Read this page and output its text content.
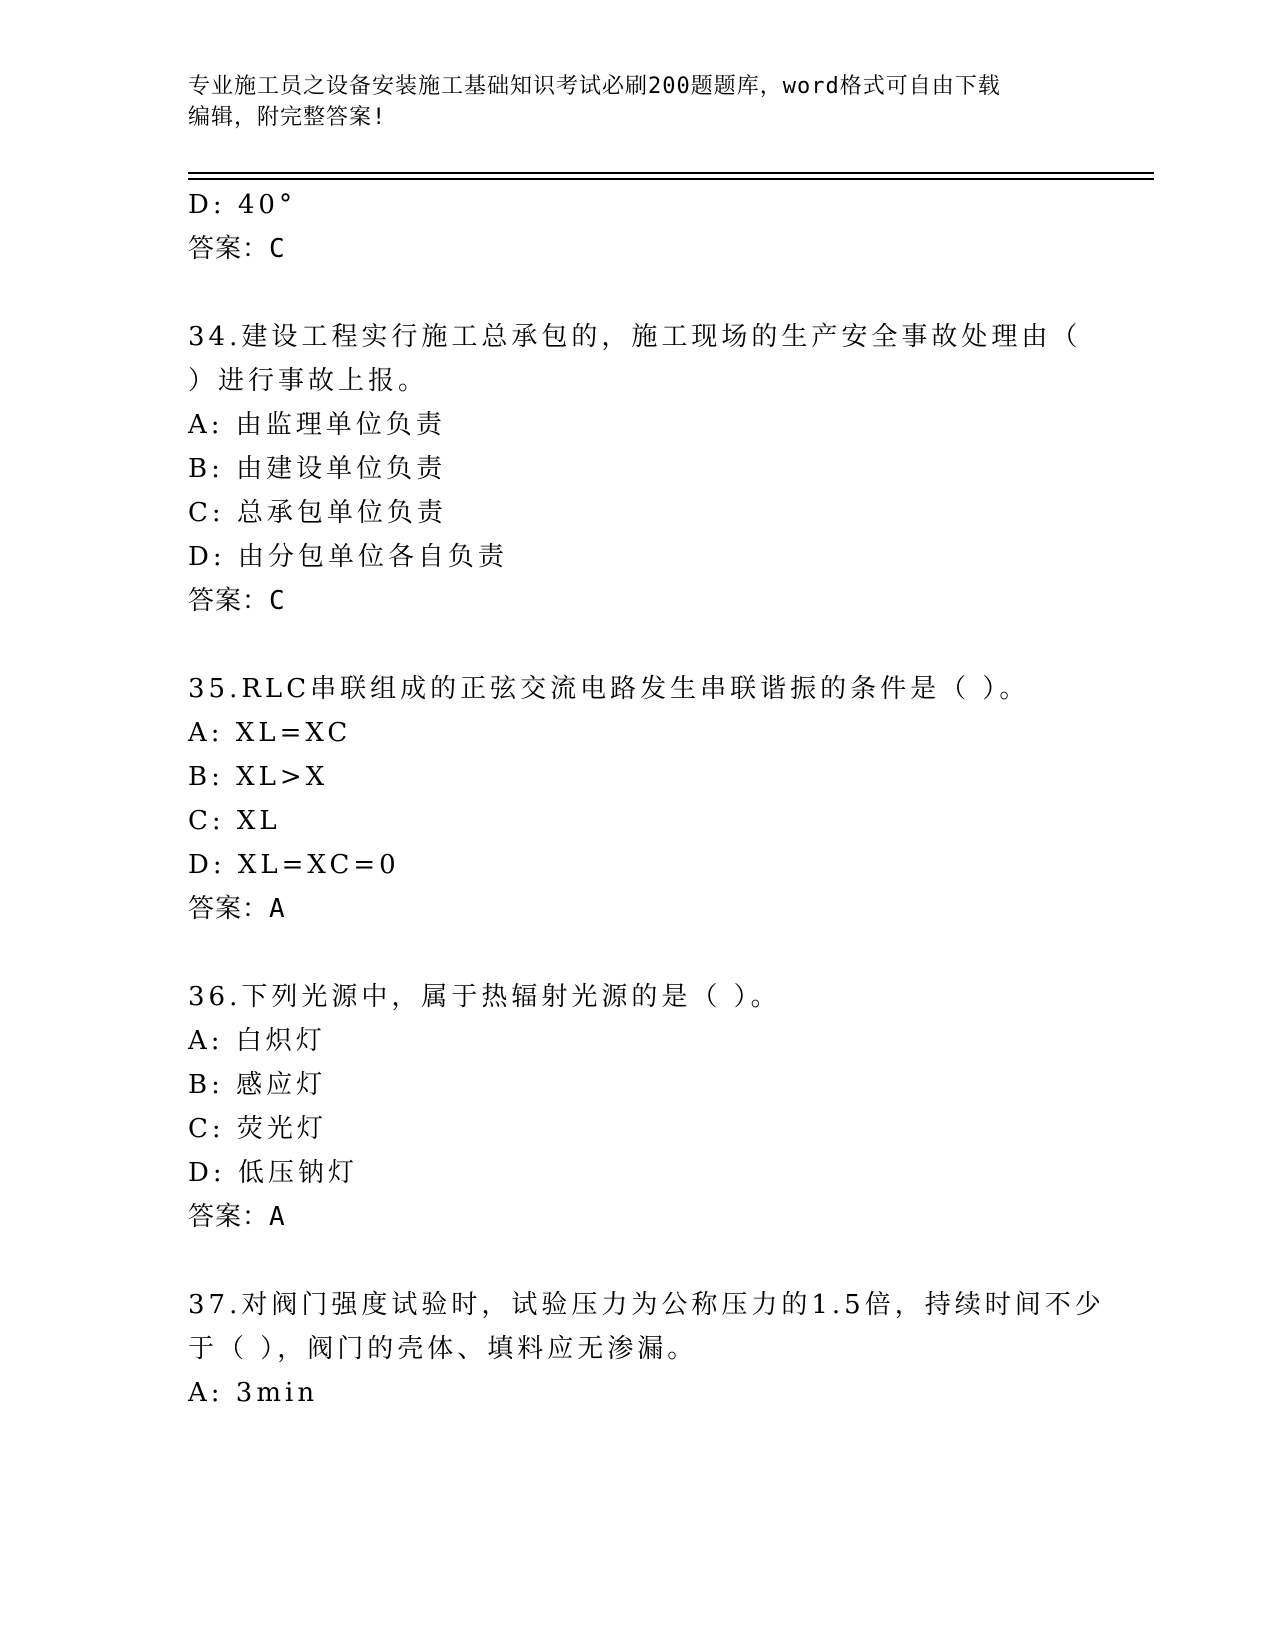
专业施工员之设备安装施工基础知识考试必刷200题题库，word格式可自由下载
编辑，附完整答案!
D: 40°
答案：C
34.建设工程实行施工总承包的，施工现场的生产安全事故处理由（
）进行事故上报。
A: 由监理单位负责
B: 由建设单位负责
C: 总承包单位负责
D: 由分包单位各自负责
答案：C
35.RLC串联组成的正弦交流电路发生串联谐振的条件是（ ）。
A: XL=XC
B: XL>X
C: XL
D: XL=XC=0
答案：A
36.下列光源中，属于热辐射光源的是（ ）。
A: 白炽灯
B: 感应灯
C: 荧光灯
D: 低压钠灯
答案：A
37.对阀门强度试验时，试验压力为公称压力的1.5倍，持续时间不少
于（ ），阀门的壳体、填料应无渗漏。
A: 3min
